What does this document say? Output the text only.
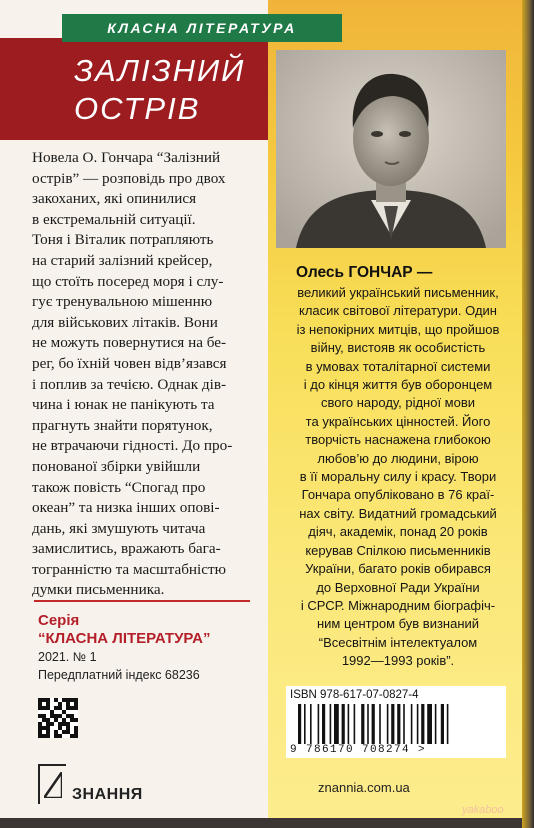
КЛАСНА ЛІТЕРАТУРА
ЗАЛІЗНИЙ
ОСТРІВ

Новела О. Гончара “Залізний

острів” — розповідь про двох

закоханих, які опинилися

в екстремальній ситуації.

Тоня і Віталик потрапляють

на старий залізний крейсер,

що стоїть посеред моря і слу-

гує тренувальною мішенню

для військових літаків. Вони

не можуть повернутися на бе-

рег, бо їхній човен відв’язався

і поплив за течією. Однак дів-

чина і юнак не панікують та

прагнуть знайти порятунок,

не втрачаючи гідності. До про-

понованої збірки увійшли

також повість “Спогад про

океан” та низка інших опові-

дань, які змушують читача

замислитись, вражають бага-

тогранністю та масштабністю

думки письменника.

Серія
“КЛАСНА ЛІТЕРАТУРА”
2021. № 1
Передплатний індекс 68236
ЗНАННЯ
Олесь ГОНЧАР —
великий український письменник,
класик світової літератури. Один
із непокірних митців, що пройшов
війну, вистояв як особистість
в умовах тоталітарної системи
і до кінця життя був оборонцем
свого народу, рідної мови
та українських цінностей. Його
творчість наснажена глибокою
любов’ю до людини, вірою
в її моральну силу і красу. Твори
Гончара опубліковано в 76 краї-
нах світу. Видатний громадський
діяч, академік, понад 20 років
керував Спілкою письменників
України, багато років обирався
до Верховної Ради України
і СРСР. Міжнародним біографіч-
ним центром був визнаний
“Всесвітнім інтелектуалом
1992—1993 років”.
ISBN 978-617-07-0827-4
9 786170 708274 >
znannia.com.ua
yakaboo
